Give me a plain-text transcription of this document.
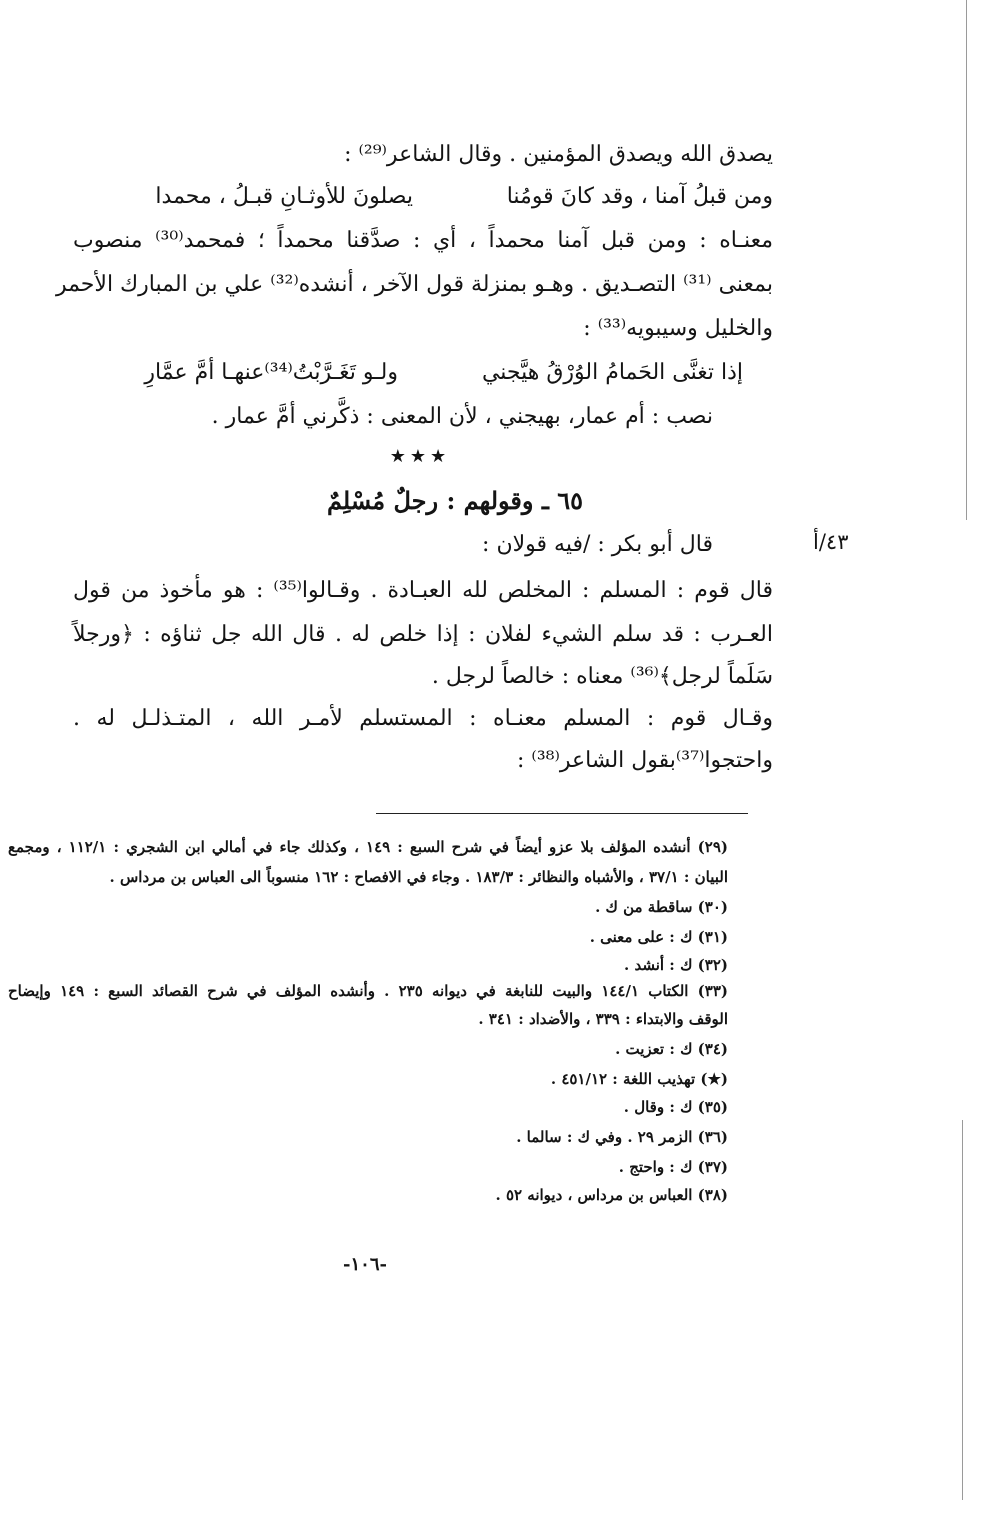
يصدق الله ويصدق المؤمنين . وقال الشاعر⁽²⁹⁾ :
ومن قبلُ آمنا ، وقد كانَ قومُنا
يصلونَ للأوثـانِ قبـلُ ، محمدا
معنـاه : ومن قبل آمنا محمداً ، أي : صدَّقنا محمداً ؛ فمحمد⁽³⁰⁾ منصوب
بمعنى ⁽³¹⁾ التصـديق . وهـو بمنزلة قول الآخر ، أنشده⁽³²⁾ علي بن المبارك الأحمر
والخليل وسيبويه⁽³³⁾ :
إذا تغنَّى الحَمامُ الوُرْقُ هيَّجني
ولـو تَغَـرَّبْتُ⁽³⁴⁾عنهـا أمَّ عمَّارِ
نصب : أم عمار، بهيجني ، لأن المعنى : ذكَّرني أمَّ عمار .
★★★
٦٥ ـ وقولهم : رجلٌ مُسْلِمٌ
٤٣/أ
قال أبو بكر : /فيه قولان :
قال قوم : المسلم : المخلص لله العبـادة . وقـالوا⁽³⁵⁾ : هو مأخوذ من قول
العـرب : قد سلم الشيء لفلان : إذا خلص له . قال الله جل ثناؤه : ﴿ورجلاً
سَلَماً لرجل﴾⁽³⁶⁾ معناه : خالصاً لرجل .
وقـال قوم : المسلم معنـاه : المستسلم لأمـر الله ، المتـذلـل له .
واحتجوا⁽³⁷⁾بقول الشاعر⁽³⁸⁾ :
(٢٩) أنشده المؤلف بلا عزو أيضاً في شرح السبع : ١٤٩ ، وكذلك جاء في أمالي ابن الشجري : ١١٢/١ ، ومجمع
البيان : ٣٧/١ ، والأشباه والنظائر : ١٨٣/٣ . وجاء في الافصاح : ١٦٢ منسوباً الى العباس بن مرداس .
(٣٠) ساقطة من ك .
(٣١) ك : على معنى .
(٣٢) ك : أنشد .
(٣٣) الكتاب ١٤٤/١ والبيت للنابغة في ديوانه ٢٣٥ . وأنشده المؤلف في شرح القصائد السبع : ١٤٩ وإيضاح
الوقف والابتداء : ٣٣٩ ، والأضداد : ٣٤١ .
(٣٤) ك : تعزيت .
(★) تهذيب اللغة : ٤٥١/١٢ .
(٣٥) ك : وقال .
(٣٦) الزمر ٢٩ . وفي ك : سالما .
(٣٧) ك : واحتج .
(٣٨) العباس بن مرداس ، ديوانه ٥٢ .
-١٠٦-
